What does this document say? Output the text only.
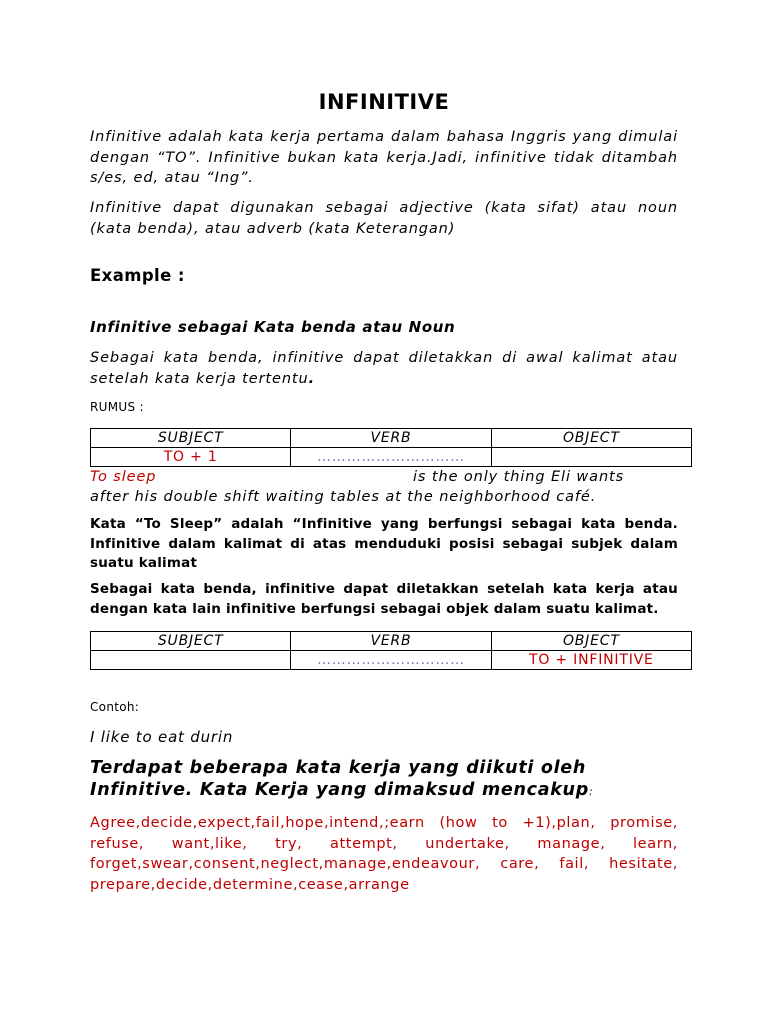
INFINITIVE

Infinitive adalah kata kerja pertama dalam bahasa Inggris yang dimulai dengan “TO”. Infinitive bukan kata kerja.Jadi, infinitive tidak ditambah s/es, ed, atau “Ing”.

Infinitive dapat digunakan sebagai adjective (kata sifat) atau noun (kata benda), atau adverb (kata Keterangan)

Example :
Infinitive sebagai Kata benda atau Noun

Sebagai kata benda, infinitive dapat diletakkan di awal kalimat atau setelah kata kerja tertentu.

RUMUS :
SUBJECT	VERB	OBJECT
TO + 1	…………………………	
To sleep	is the only thing Eli wants
after his double shift waiting tables at the neighborhood café.

Kata “To Sleep” adalah “Infinitive yang berfungsi sebagai kata benda. Infinitive dalam kalimat di atas menduduki posisi sebagai subjek dalam suatu kalimat

Sebagai kata benda, infinitive dapat diletakkan setelah kata kerja atau dengan kata lain infinitive berfungsi sebagai objek dalam suatu kalimat.

SUBJECT	VERB	OBJECT
	…………………………	TO + INFINITIVE
Contoh:
I like to eat durin

Terdapat beberapa kata kerja yang diikuti oleh Infinitive. Kata Kerja yang dimaksud mencakup:

Agree,decide,expect,fail,hope,intend,;earn (how to +1),plan, promise, refuse, want,like, try, attempt, undertake, manage, learn, forget,swear,consent,neglect,manage,endeavour, care, fail, hesitate, prepare,decide,determine,cease,arrange
